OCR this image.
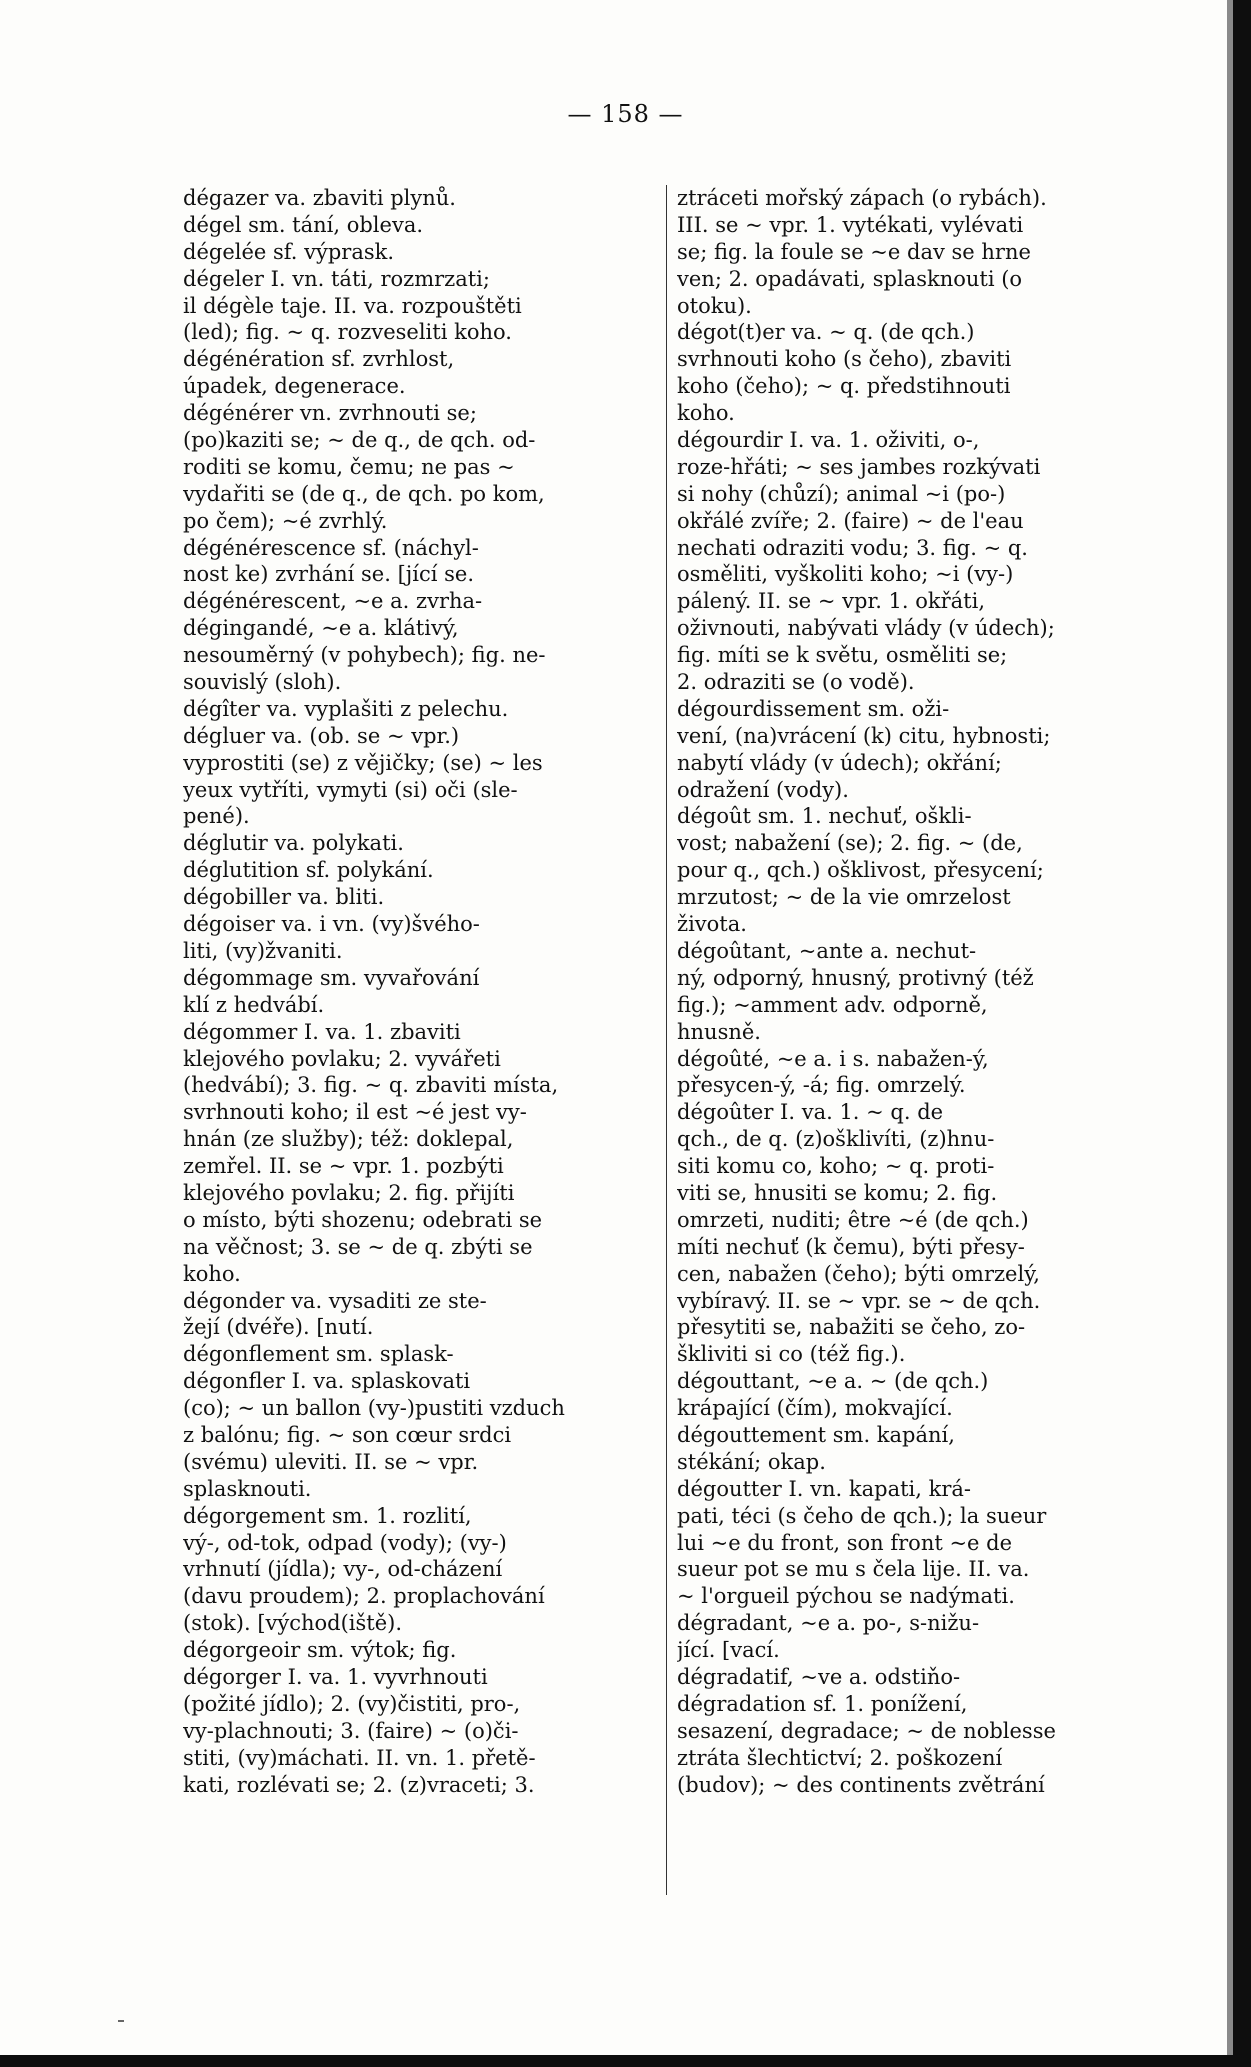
— 158 —
dégazer va. zbaviti plynů.
dégel sm. tání, obleva.
dégelée sf. výprask.
dégeler I. vn. táti, rozmrzati;
il dégèle taje. II. va. rozpouštěti
(led); fig. ~ q. rozveseliti koho.
dégénération sf. zvrhlost,
úpadek, degenerace.
dégénérer vn. zvrhnouti se;
(po)kaziti se; ~ de q., de qch. od-
roditi se komu, čemu; ne pas ~
vydařiti se (de q., de qch. po kom,
po čem); ~é zvrhlý.
dégénérescence sf. (náchyl-
nost ke) zvrhání se. [jící se.
dégénérescent, ~e a. zvrha-
dégingandé, ~e a. klátivý,
nesouměrný (v pohybech); fig. ne-
souvislý (sloh).
dégîter va. vyplašiti z pelechu.
dégluer va. (ob. se ~ vpr.)
vyprostiti (se) z vějičky; (se) ~ les
yeux vytříti, vymyti (si) oči (sle-
pené).
déglutir va. polykati.
déglutition sf. polykání.
dégobiller va. bliti.
dégoiser va. i vn. (vy)švého-
liti, (vy)žvaniti.
dégommage sm. vyvařování
klí z hedvábí.
dégommer I. va. 1. zbaviti
klejového povlaku; 2. vyvářeti
(hedvábí); 3. fig. ~ q. zbaviti místa,
svrhnouti koho; il est ~é jest vy-
hnán (ze služby); též: doklepal,
zemřel. II. se ~ vpr. 1. pozbýti
klejového povlaku; 2. fig. přijíti
o místo, býti shozenu; odebrati se
na věčnost; 3. se ~ de q. zbýti se
koho.
dégonder va. vysaditi ze ste-
žejí (dvéře). [nutí.
dégonflement sm. splask-
dégonfler I. va. splaskovati
(co); ~ un ballon (vy-)pustiti vzduch
z balónu; fig. ~ son cœur srdci
(svému) uleviti. II. se ~ vpr.
splasknouti.
dégorgement sm. 1. rozlití,
vý-, od-tok, odpad (vody); (vy-)
vrhnutí (jídla); vy-, od-cházení
(davu proudem); 2. proplachování
(stok). [východ(iště).
dégorgeoir sm. výtok; fig.
dégorger I. va. 1. vyvrhnouti
(požité jídlo); 2. (vy)čistiti, pro-,
vy-plachnouti; 3. (faire) ~ (o)či-
stiti, (vy)máchati. II. vn. 1. přetě-
kati, rozlévati se; 2. (z)vraceti; 3.
ztráceti mořský zápach (o rybách).
III. se ~ vpr. 1. vytékati, vylévati
se; fig. la foule se ~e dav se hrne
ven; 2. opadávati, splasknouti (o
otoku).
dégot(t)er va. ~ q. (de qch.)
svrhnouti koho (s čeho), zbaviti
koho (čeho); ~ q. předstihnouti
koho.
dégourdir I. va. 1. oživiti, o-,
roze-hřáti; ~ ses jambes rozkývati
si nohy (chůzí); animal ~i (po-)
okřálé zvíře; 2. (faire) ~ de l'eau
nechati odraziti vodu; 3. fig. ~ q.
osměliti, vyškoliti koho; ~i (vy-)
pálený. II. se ~ vpr. 1. okřáti,
oživnouti, nabývati vlády (v údech);
fig. míti se k světu, osměliti se;
2. odraziti se (o vodě).
dégourdissement sm. oži-
vení, (na)vrácení (k) citu, hybnosti;
nabytí vlády (v údech); okřání;
odražení (vody).
dégoût sm. 1. nechuť, oškli-
vost; nabažení (se); 2. fig. ~ (de,
pour q., qch.) ošklivost, přesycení;
mrzutost; ~ de la vie omrzelost
života.
dégoûtant, ~ante a. nechut-
ný, odporný, hnusný, protivný (též
fig.); ~amment adv. odporně,
hnusně.
dégoûté, ~e a. i s. nabažen-ý,
přesycen-ý, -á; fig. omrzelý.
dégoûter I. va. 1. ~ q. de
qch., de q. (z)ošklivíti, (z)hnu-
siti komu co, koho; ~ q. proti-
viti se, hnusiti se komu; 2. fig.
omrzeti, nuditi; être ~é (de qch.)
míti nechuť (k čemu), býti přesy-
cen, nabažen (čeho); býti omrzelý,
vybíravý. II. se ~ vpr. se ~ de qch.
přesytiti se, nabažiti se čeho, zo-
škliviti si co (též fig.).
dégouttant, ~e a. ~ (de qch.)
krápající (čím), mokvající.
dégouttement sm. kapání,
stékání; okap.
dégoutter I. vn. kapati, krá-
pati, téci (s čeho de qch.); la sueur
lui ~e du front, son front ~e de
sueur pot se mu s čela lije. II. va.
~ l'orgueil pýchou se nadýmati.
dégradant, ~e a. po-, s-nižu-
jící. [vací.
dégradatif, ~ve a. odstiňo-
dégradation sf. 1. ponížení,
sesazení, degradace; ~ de noblesse
ztráta šlechtictví; 2. poškození
(budov); ~ des continents zvětrání
